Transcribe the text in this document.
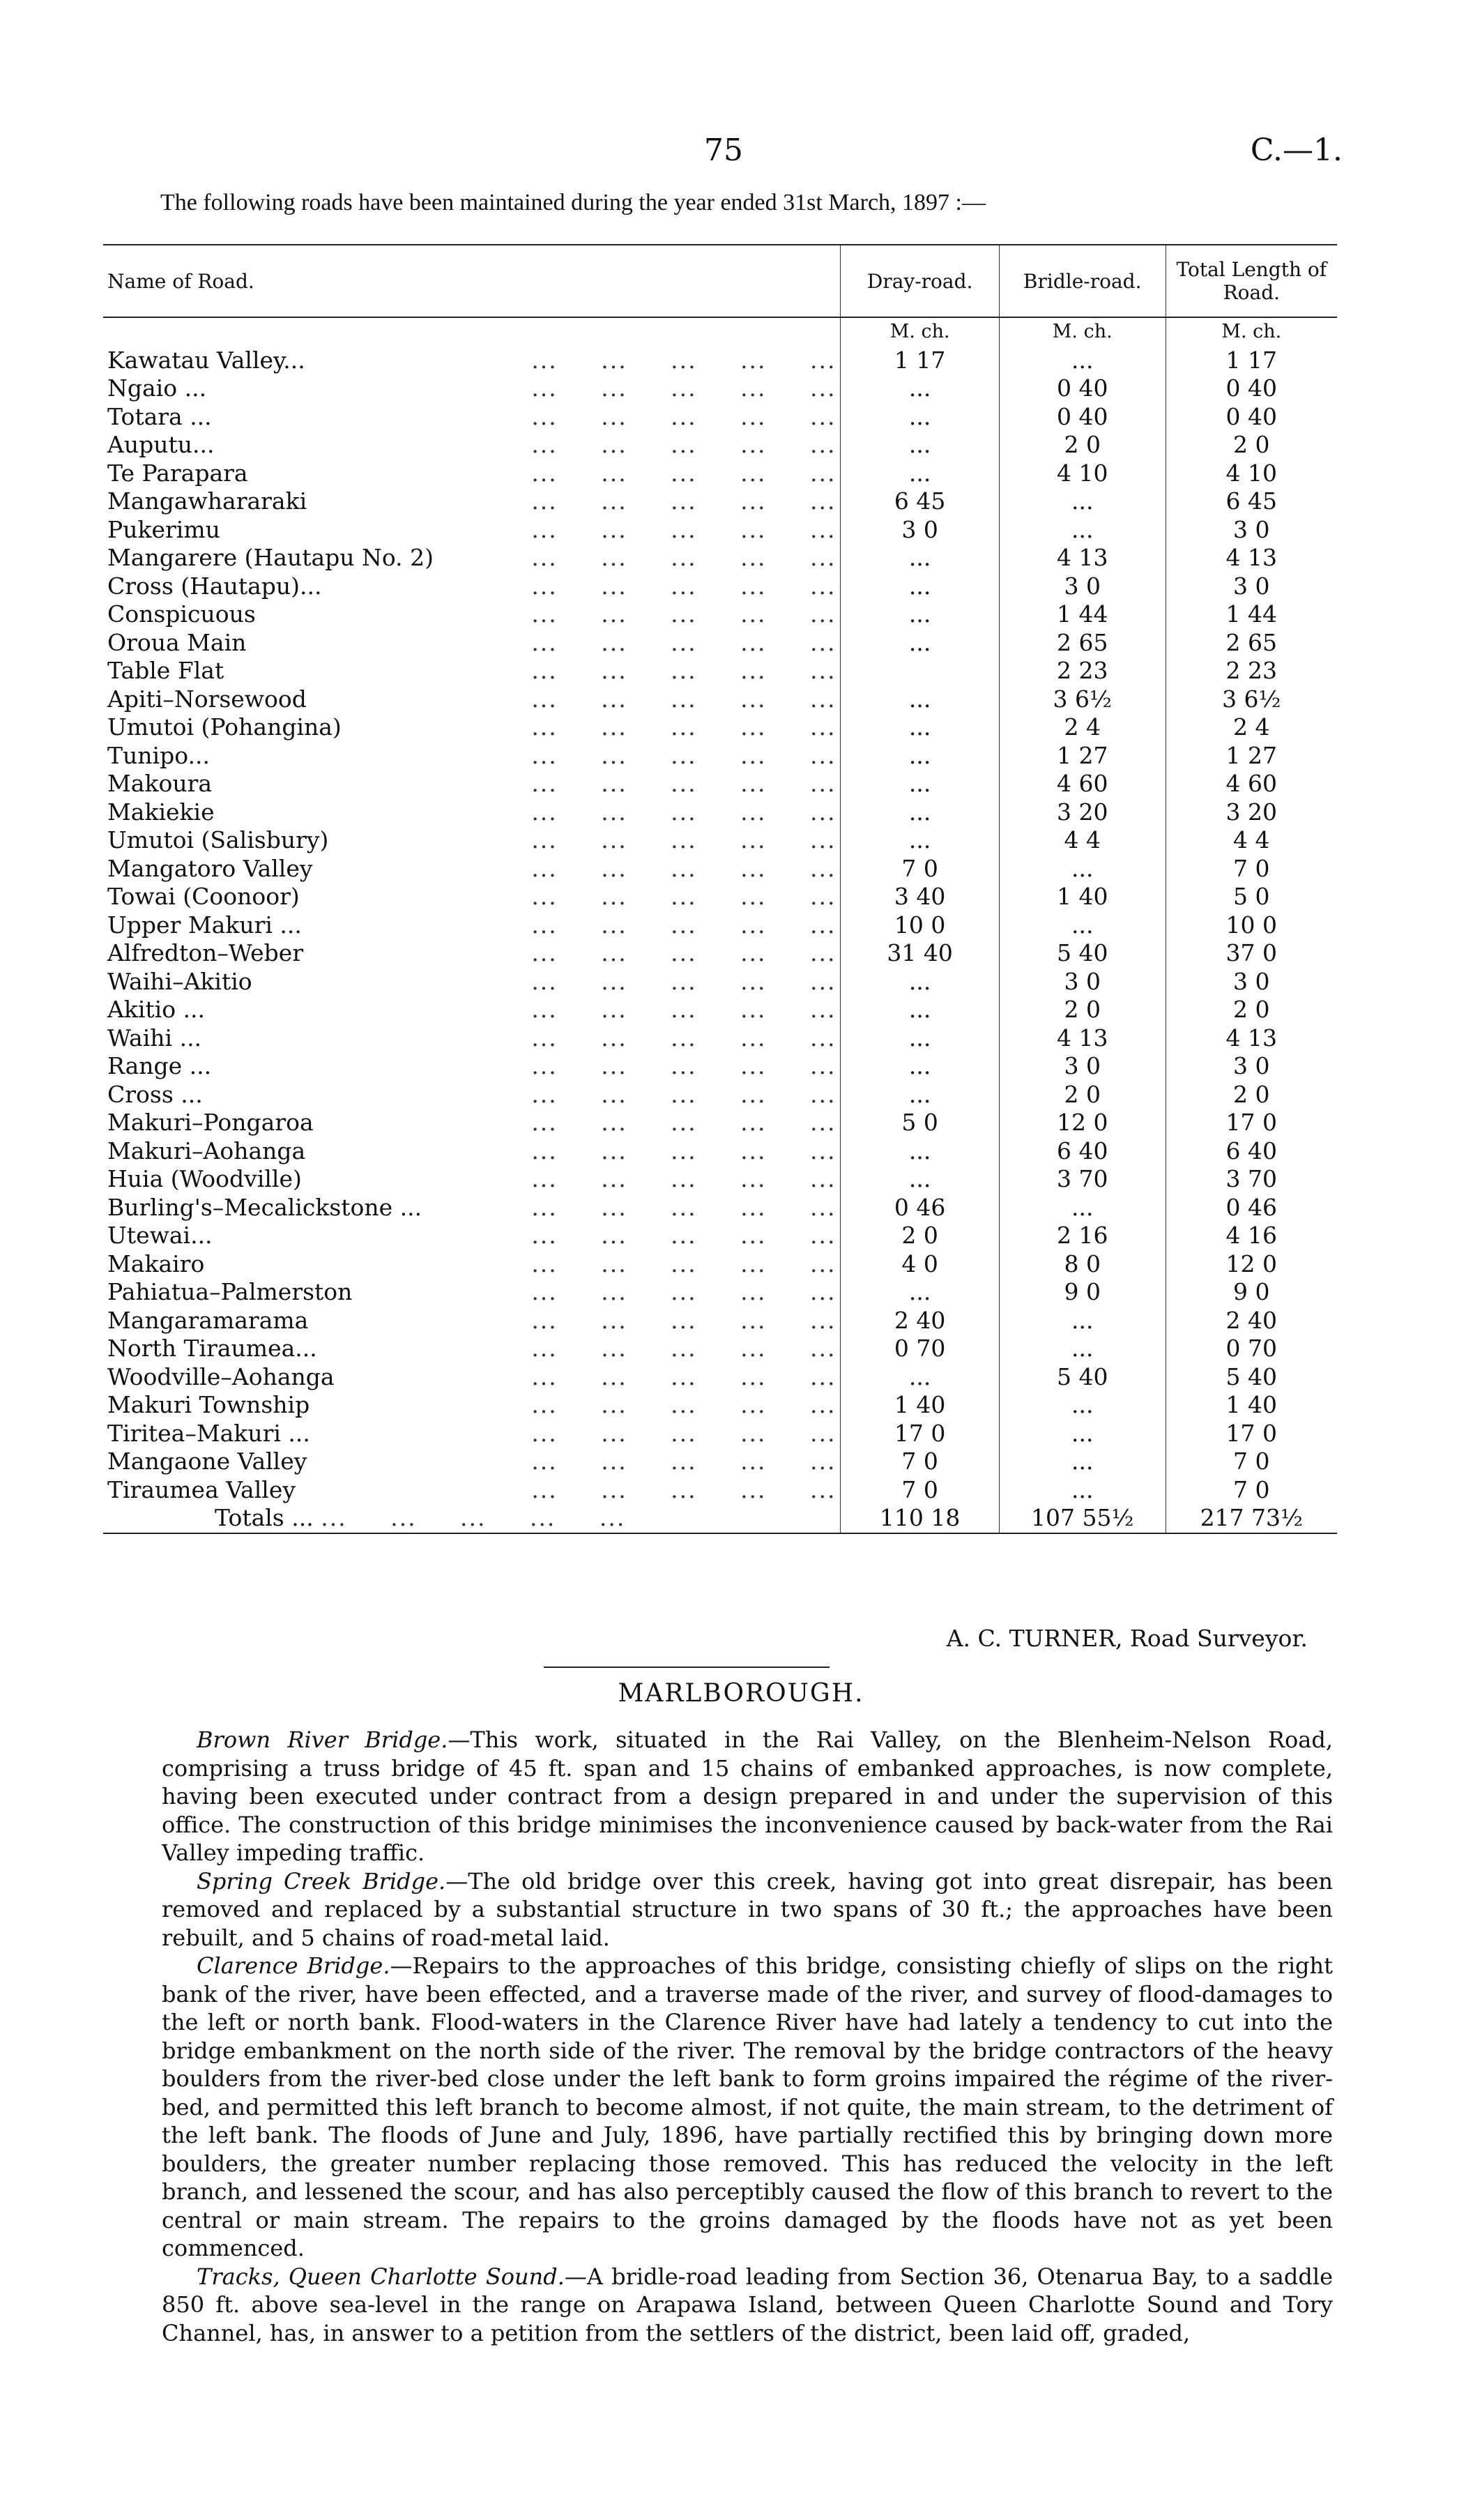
75	C.—1.
The following roads have been maintained during the year ended 31st March, 1897 :—
Name of Road.	Dray-road.	Bridle-road.	Total Length of Road.
	M. ch.	M. ch.	M. ch.
Kawatau Valley... ...     ...     ...     ...     ...	1 17	...	1 17
Ngaio ... ...     ...     ...     ...     ...	...	0 40	0 40
Totara ... ...     ...     ...     ...     ...	...	0 40	0 40
Auputu... ...     ...     ...     ...     ...	...	2 0	2 0
Te Parapara ...     ...     ...     ...     ...	...	4 10	4 10
Mangawhararaki ...     ...     ...     ...     ...	6 45	...	6 45
Pukerimu ...     ...     ...     ...     ...	3 0	...	3 0
Mangarere (Hautapu No. 2) ...     ...     ...     ...     ...	...	4 13	4 13
Cross (Hautapu)... ...     ...     ...     ...     ...	...	3 0	3 0
Conspicuous ...     ...     ...     ...     ...	...	1 44	1 44
Oroua Main ...     ...     ...     ...     ...	...	2 65	2 65
Table Flat ...     ...     ...     ...     ...		2 23	2 23
Apiti–Norsewood ...     ...     ...     ...     ...	...	3 6½	3 6½
Umutoi (Pohangina) ...     ...     ...     ...     ...	...	2 4	2 4
Tunipo... ...     ...     ...     ...     ...	...	1 27	1 27
Makoura ...     ...     ...     ...     ...	...	4 60	4 60
Makiekie ...     ...     ...     ...     ...	...	3 20	3 20
Umutoi (Salisbury) ...     ...     ...     ...     ...	...	4 4	4 4
Mangatoro Valley ...     ...     ...     ...     ...	7 0	...	7 0
Towai (Coonoor) ...     ...     ...     ...     ...	3 40	1 40	5 0
Upper Makuri ... ...     ...     ...     ...     ...	10 0	...	10 0
Alfredton–Weber ...     ...     ...     ...     ...	31 40	5 40	37 0
Waihi–Akitio ...     ...     ...     ...     ...	...	3 0	3 0
Akitio ... ...     ...     ...     ...     ...	...	2 0	2 0
Waihi ... ...     ...     ...     ...     ...	...	4 13	4 13
Range ... ...     ...     ...     ...     ...	...	3 0	3 0
Cross ... ...     ...     ...     ...     ...	...	2 0	2 0
Makuri–Pongaroa ...     ...     ...     ...     ...	5 0	12 0	17 0
Makuri–Aohanga ...     ...     ...     ...     ...	...	6 40	6 40
Huia (Woodville) ...     ...     ...     ...     ...	...	3 70	3 70
Burling's–Mecalickstone ... ...     ...     ...     ...     ...	0 46	...	0 46
Utewai... ...     ...     ...     ...     ...	2 0	2 16	4 16
Makairo ...     ...     ...     ...     ...	4 0	8 0	12 0
Pahiatua–Palmerston ...     ...     ...     ...     ...	...	9 0	9 0
Mangaramarama ...     ...     ...     ...     ...	2 40	...	2 40
North Tiraumea... ...     ...     ...     ...     ...	0 70	...	0 70
Woodville–Aohanga ...     ...     ...     ...     ...	...	5 40	5 40
Makuri Township ...     ...     ...     ...     ...	1 40	...	1 40
Tiritea–Makuri ... ...     ...     ...     ...     ...	17 0	...	17 0
Mangaone Valley ...     ...     ...     ...     ...	7 0	...	7 0
Tiraumea Valley ...     ...     ...     ...     ...	7 0	...	7 0
Totals ... ...     ...     ...     ...     ...	110 18	107 55½	217 73½
A. C. TURNER, Road Surveyor.
MARLBOROUGH.

Brown River Bridge.—This work, situated in the Rai Valley, on the Blenheim-Nelson Road, comprising a truss bridge of 45 ft. span and 15 chains of embanked approaches, is now complete, having been executed under contract from a design prepared in and under the supervision of this office. The construction of this bridge minimises the inconvenience caused by back-water from the Rai Valley impeding traffic.

Spring Creek Bridge.—The old bridge over this creek, having got into great disrepair, has been removed and replaced by a substantial structure in two spans of 30 ft.; the approaches have been rebuilt, and 5 chains of road-metal laid.

Clarence Bridge.—Repairs to the approaches of this bridge, consisting chiefly of slips on the right bank of the river, have been effected, and a traverse made of the river, and survey of flood-damages to the left or north bank. Flood-waters in the Clarence River have had lately a tendency to cut into the bridge embankment on the north side of the river. The removal by the bridge contractors of the heavy boulders from the river-bed close under the left bank to form groins impaired the régime of the river-bed, and permitted this left branch to become almost, if not quite, the main stream, to the detriment of the left bank. The floods of June and July, 1896, have partially rectified this by bringing down more boulders, the greater number replacing those removed. This has reduced the velocity in the left branch, and lessened the scour, and has also perceptibly caused the flow of this branch to revert to the central or main stream. The repairs to the groins damaged by the floods have not as yet been commenced.

Tracks, Queen Charlotte Sound.—A bridle-road leading from Section 36, Otenarua Bay, to a saddle 850 ft. above sea-level in the range on Arapawa Island, between Queen Charlotte Sound and Tory Channel, has, in answer to a petition from the settlers of the district, been laid off, graded,
